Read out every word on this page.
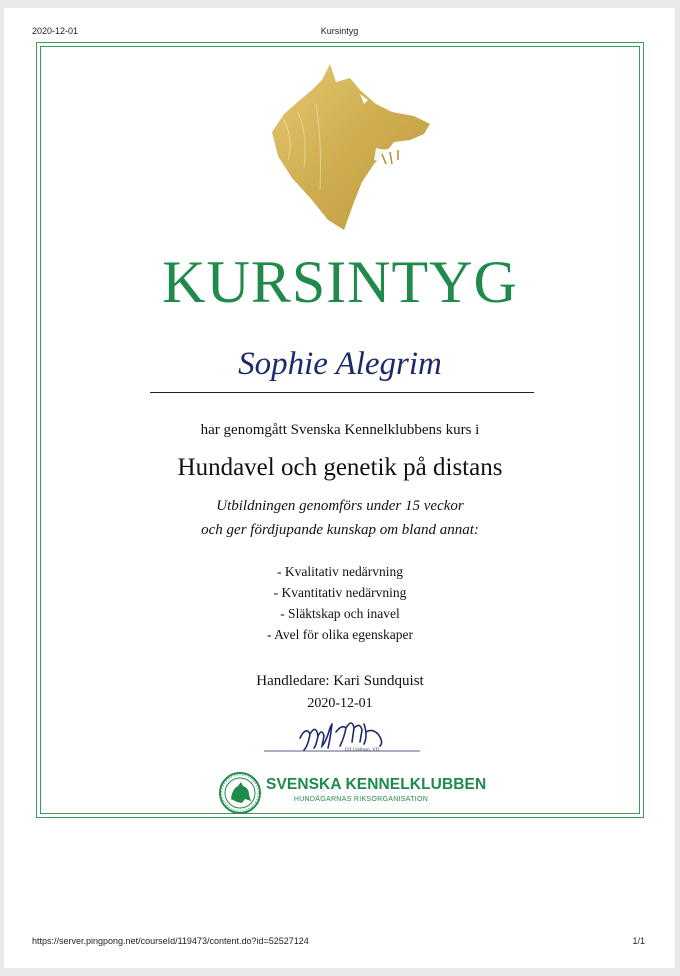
2020-12-01	Kursintyg
KURSINTYG
Sophie Alegrim
har genomgått Svenska Kennelklubbens kurs i
Hundavel och genetik på distans
Utbildningen genomförs under 15 veckor
och ger fördjupande kunskap om bland annat:
- Kvalitativ nedärvning
- Kvantitativ nedärvning
- Släktskap och inavel
- Avel för olika egenskaper
Handledare: Kari Sundquist
2020-12-01
Ulf Uddman, VD
SVENSKA KENNELKLUBBEN
HUNDÄGARNAS RIKSORGANISATION
https://server.pingpong.net/courseId/119473/content.do?id=52527124	1/1
